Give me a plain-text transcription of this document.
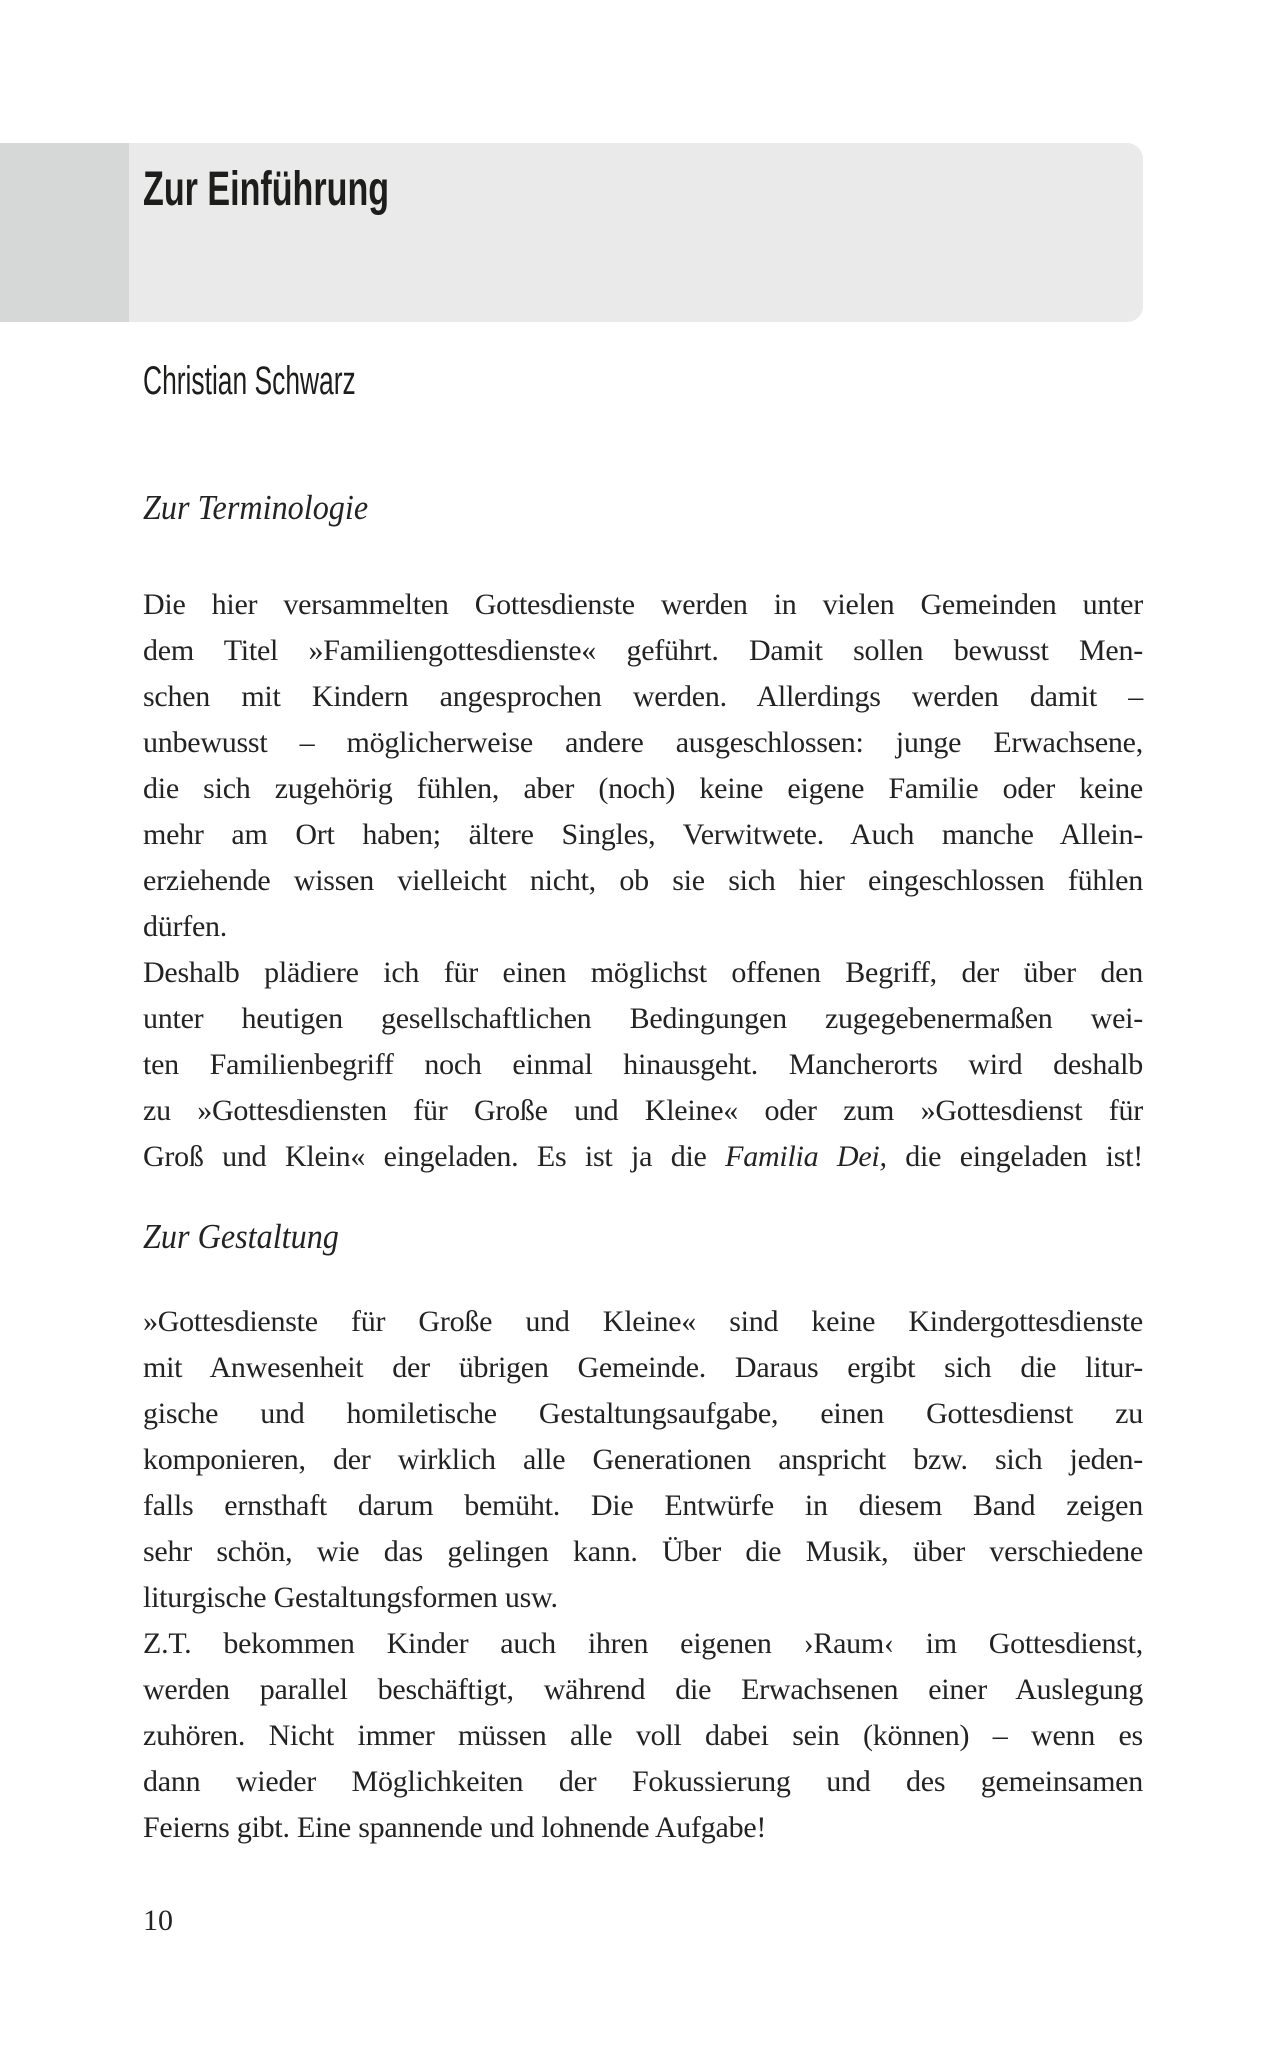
Zur Einführung
Christian Schwarz
Zur Terminologie
Die hier versammelten Gottesdienste werden in vielen Gemeinden unter
dem Titel »Familiengottesdienste« geführt. Damit sollen bewusst Men-
schen mit Kindern angesprochen werden. Allerdings werden damit –
unbewusst – möglicherweise andere ausgeschlossen: junge Erwachsene,
die sich zugehörig fühlen, aber (noch) keine eigene Familie oder keine
mehr am Ort haben; ältere Singles, Verwitwete. Auch manche Allein-
erziehende wissen vielleicht nicht, ob sie sich hier eingeschlossen fühlen
dürfen.
Deshalb plädiere ich für einen möglichst offenen Begriff, der über den
unter heutigen gesellschaftlichen Bedingungen zugegebenermaßen wei-
ten Familienbegriff noch einmal hinausgeht. Mancherorts wird deshalb
zu »Gottesdiensten für Große und Kleine« oder zum »Gottesdienst für
Groß und Klein« eingeladen. Es ist ja die Familia Dei, die eingeladen ist!
Zur Gestaltung
»Gottesdienste für Große und Kleine« sind keine Kindergottesdienste
mit Anwesenheit der übrigen Gemeinde. Daraus ergibt sich die litur-
gische und homiletische Gestaltungsaufgabe, einen Gottesdienst zu
komponieren, der wirklich alle Generationen anspricht bzw. sich jeden-
falls ernsthaft darum bemüht. Die Entwürfe in diesem Band zeigen
sehr schön, wie das gelingen kann. Über die Musik, über verschiedene
liturgische Gestaltungsformen usw.
Z.T. bekommen Kinder auch ihren eigenen ›Raum‹ im Gottesdienst,
werden parallel beschäftigt, während die Erwachsenen einer Auslegung
zuhören. Nicht immer müssen alle voll dabei sein (können) – wenn es
dann wieder Möglichkeiten der Fokussierung und des gemeinsamen
Feierns gibt. Eine spannende und lohnende Aufgabe!
10
